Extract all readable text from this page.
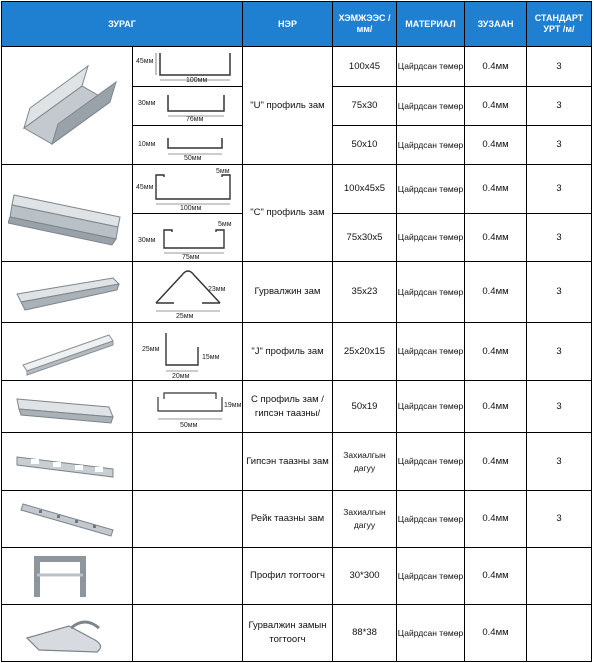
ЗУРАГ		НЭР	ХЭМЖЭЭС /мм/	МАТЕРИАЛ	ЗУЗААН	СТАНДАРТ УРТ /м/

45мм
100мм	"U" профиль зам	100х45	Цайрдсан төмөр	0.4мм	3

30мм
76мм		75х30	Цайрдсан төмөр	0.4мм	3

10мм
50мм		50х10	Цайрдсан төмөр	0.4мм	3

45мм
5мм
100мм	"C" профиль зам	100х45х5	Цайрдсан төмөр	0.4мм	3

30мм
5мм
75мм		75х30х5	Цайрдсан төмөр	0.4мм	3

23мм
25мм	Гурвалжин зам	35х23	Цайрдсан төмөр	0.4мм	3

25мм
15мм
20мм	"J" профиль зам	25х20х15	Цайрдсан төмөр	0.4мм	3

19мм
50мм	С профиль зам /гипсэн таазны/	50х19	Цайрдсан төмөр	0.4мм	3

		Гипсэн таазны зам	Захиалгын дагуу	Цайрдсан төмөр	0.4мм	3

		Рейк таазны зам	Захиалгын дагуу	Цайрдсан төмөр	0.4мм	3

		Профил тогтоогч	30*300	Цайрдсан төмөр	0.4мм	

		Гурвалжин замын тогтоогч	88*38	Цайрдсан төмөр	0.4мм	
